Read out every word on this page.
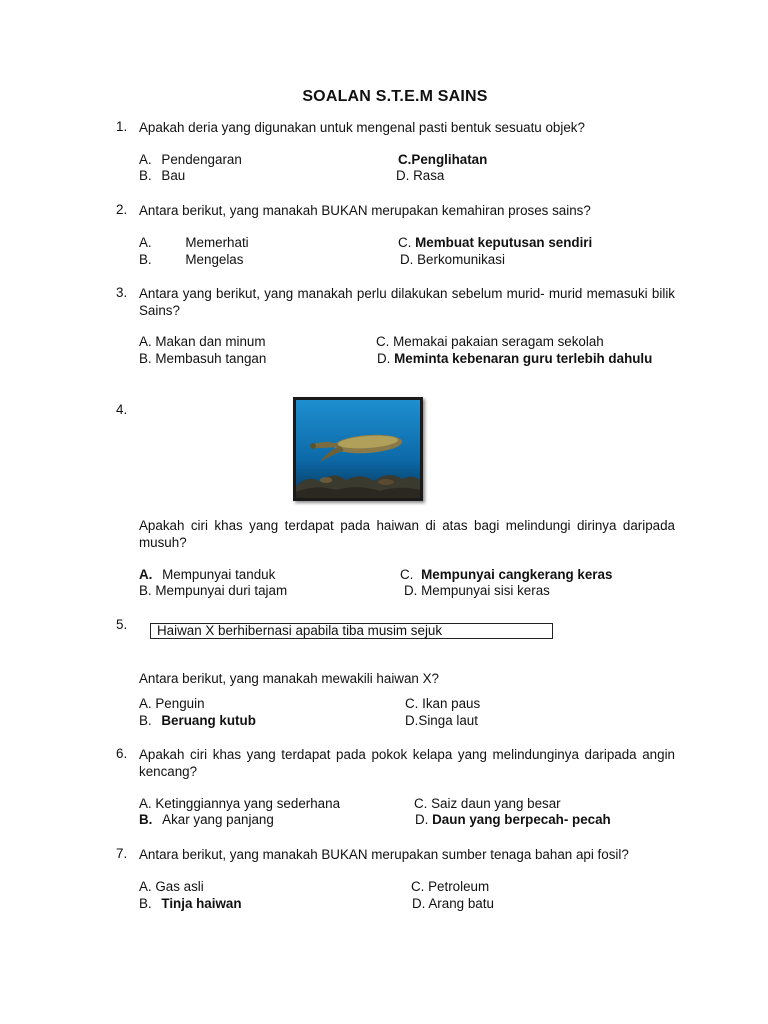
SOALAN S.T.E.M SAINS
1. Apakah deria yang digunakan untuk mengenal pasti bentuk sesuatu objek?
A. Pendengaran	C.Penglihatan
B. Bau	D. Rasa
2. Antara berikut, yang manakah BUKAN merupakan kemahiran proses sains?
A.	Memerhati	C. Membuat keputusan sendiri
B.	Mengelas	D. Berkomunikasi
3. Antara yang berikut, yang manakah perlu dilakukan sebelum murid- murid memasuki bilik Sains?
A. Makan dan minum	C. Memakai pakaian seragam sekolah
B. Membasuh tangan	D. Meminta kebenaran guru terlebih dahulu
4.
Apakah ciri khas yang terdapat pada haiwan di atas bagi melindungi dirinya daripada musuh?
A. Mempunyai tanduk	C. Mempunyai cangkerang keras
B. Mempunyai duri tajam	D. Mempunyai sisi keras
5.	Haiwan X berhibernasi apabila tiba musim sejuk
Antara berikut, yang manakah mewakili haiwan X?
A. Penguin	C. Ikan paus
B. Beruang kutub	D.Singa laut
6. Apakah ciri khas yang terdapat pada pokok kelapa yang melindunginya daripada angin kencang?
A. Ketinggiannya yang sederhana	C. Saiz daun yang besar
B. Akar yang panjang	D. Daun yang berpecah- pecah
7. Antara berikut, yang manakah BUKAN merupakan sumber tenaga bahan api fosil?
A. Gas asli	C. Petroleum
B. Tinja haiwan	D. Arang batu
